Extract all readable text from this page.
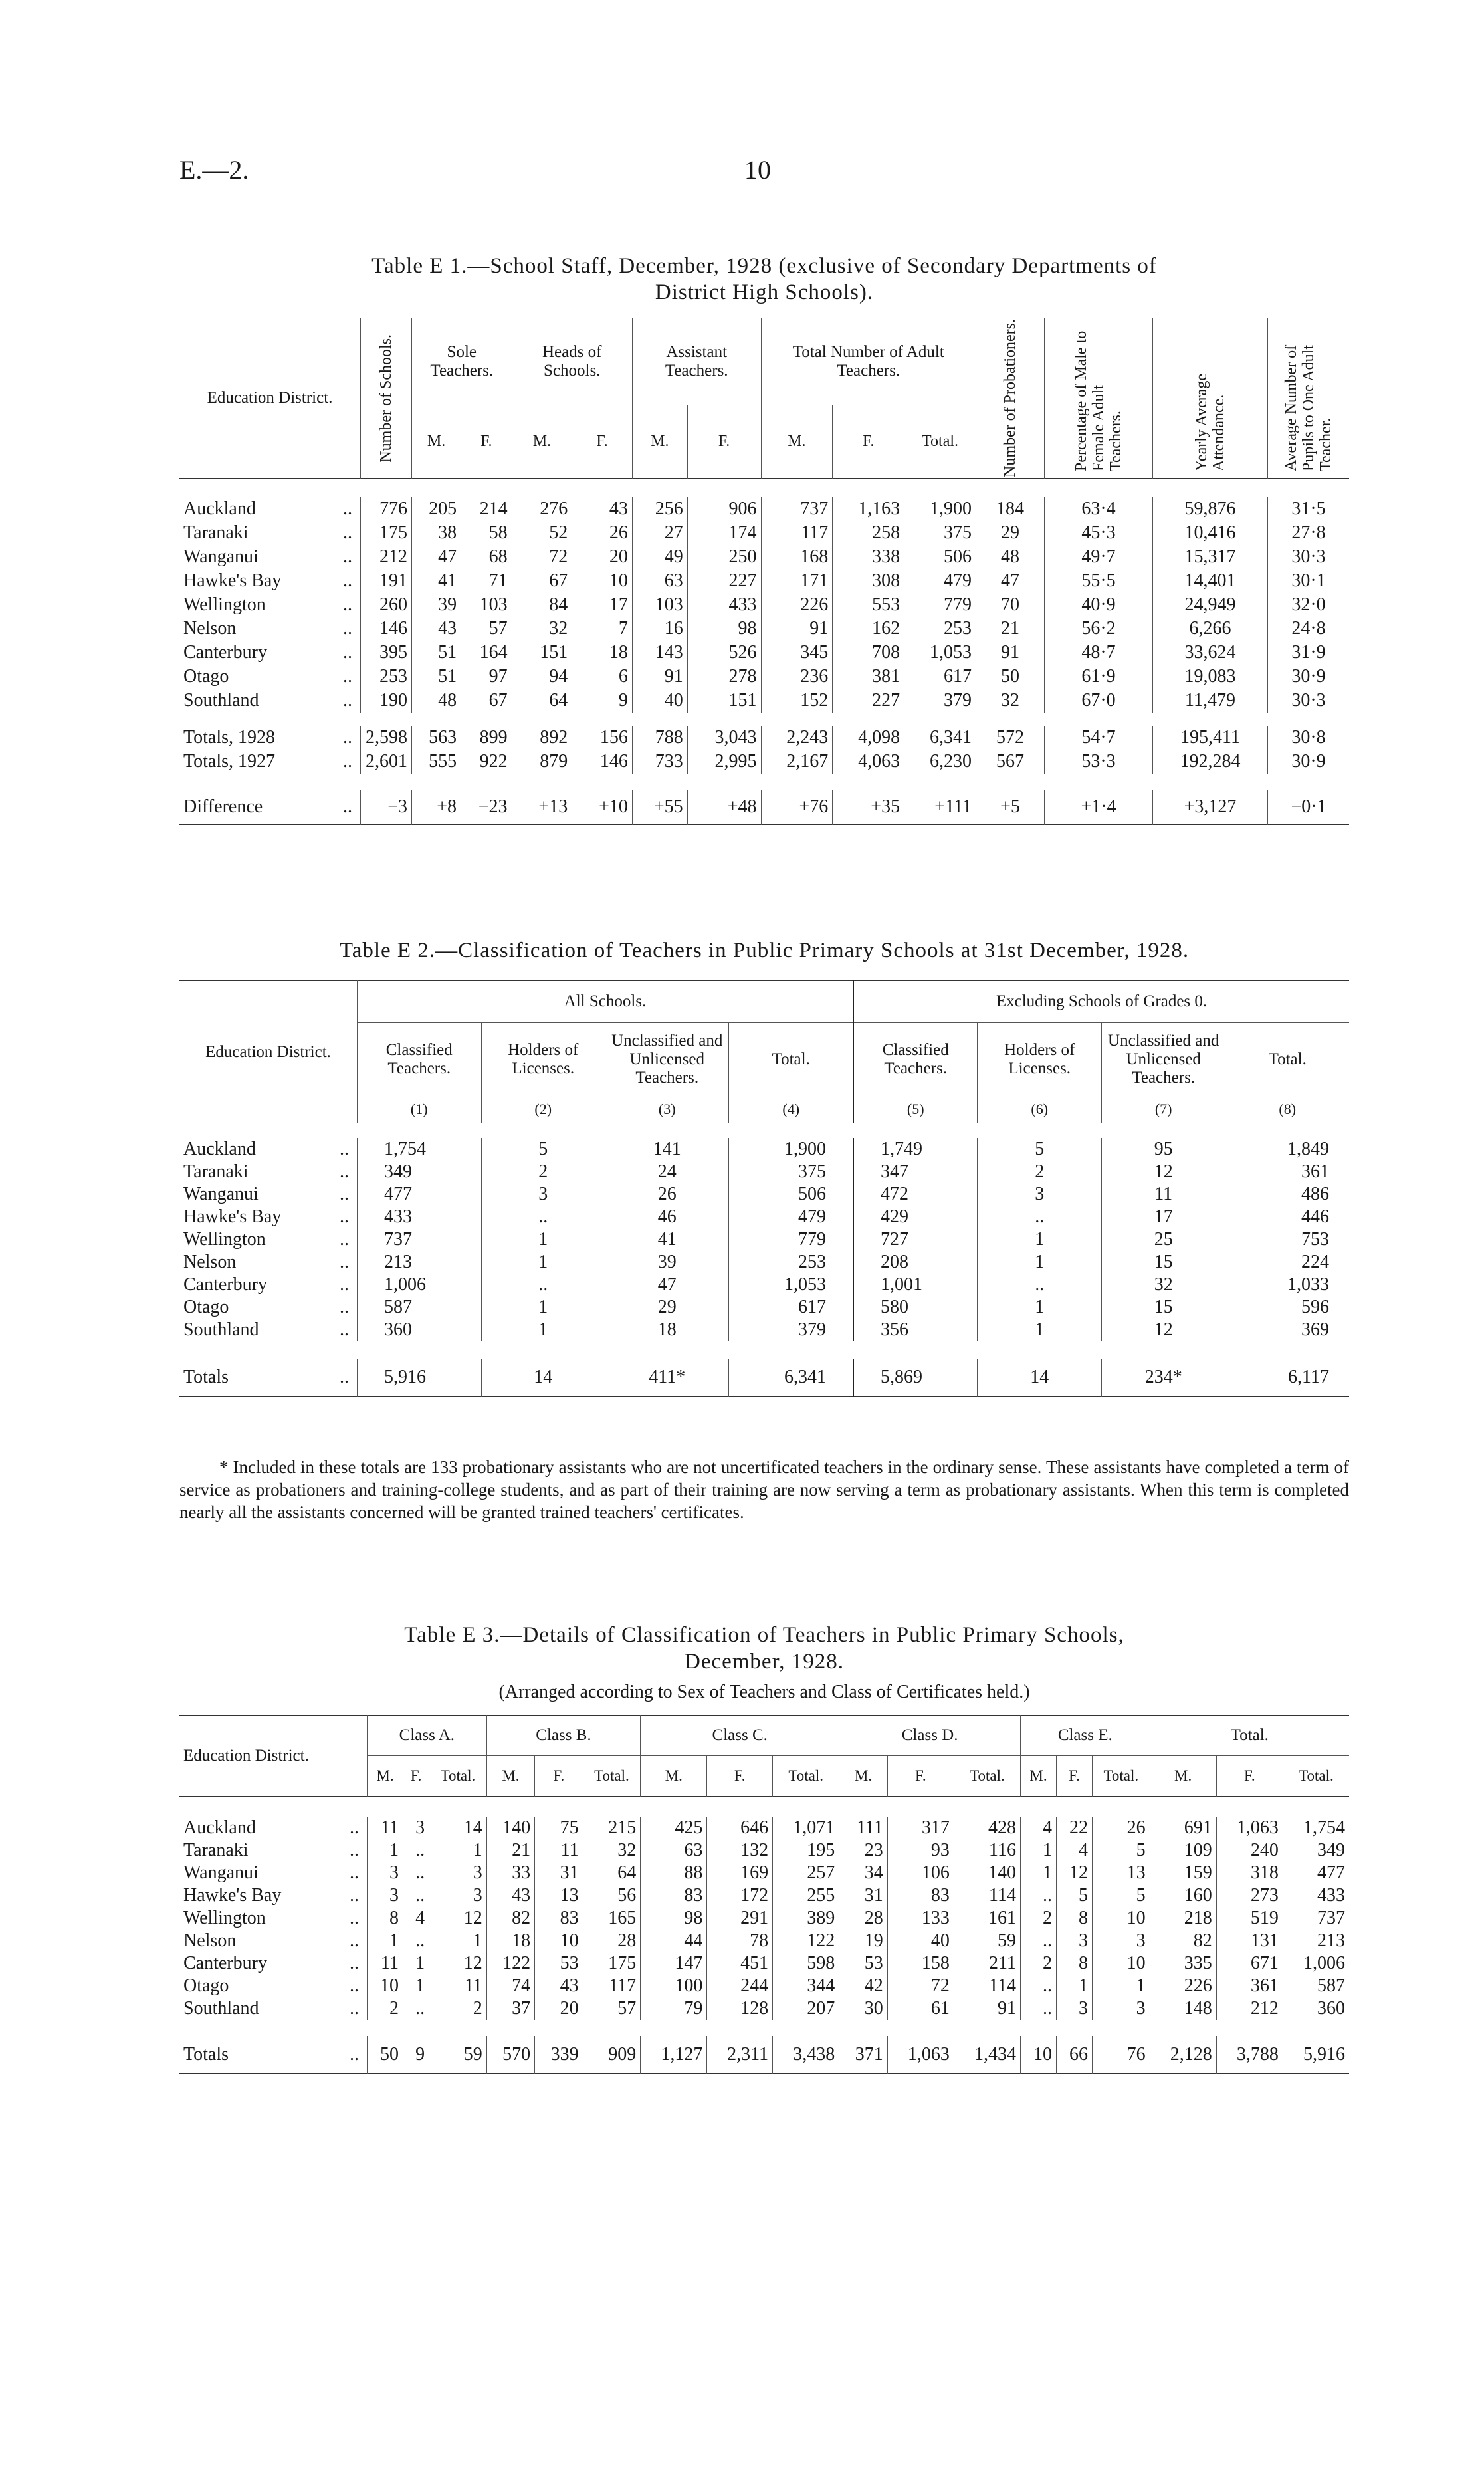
E.—2.	10
Table E 1.—School Staff, December, 1928 (exclusive of Secondary Departments of
District High Schools).
Education District.	Number of Schools.	Sole Teachers.		Heads of Schools.		Assistant Teachers.		Total Number of Adult Teachers.			Number of Probationers.	Percentage of Male to Female Adult Teachers.	Yearly Average Attendance.	Average Number of Pupils to One Adult Teacher.

		M.	F.	M.	F.	M.	F.	M.	F.	Total.				

Auckland ..	776	205	214	276	43	256	906	737	1,163	1,900	184	63·4	59,876	31·5
Taranaki ..	175	38	58	52	26	27	174	117	258	375	29	45·3	10,416	27·8
Wanganui ..	212	47	68	72	20	49	250	168	338	506	48	49·7	15,317	30·3
Hawke's Bay ..	191	41	71	67	10	63	227	171	308	479	47	55·5	14,401	30·1
Wellington ..	260	39	103	84	17	103	433	226	553	779	70	40·9	24,949	32·0
Nelson ..	146	43	57	32	7	16	98	91	162	253	21	56·2	6,266	24·8
Canterbury ..	395	51	164	151	18	143	526	345	708	1,053	91	48·7	33,624	31·9
Otago ..	253	51	97	94	6	91	278	236	381	617	50	61·9	19,083	30·9
Southland ..	190	48	67	64	9	40	151	152	227	379	32	67·0	11,479	30·3

Totals, 1928 ..	2,598	563	899	892	156	788	3,043	2,243	4,098	6,341	572	54·7	195,411	30·8
Totals, 1927 ..	2,601	555	922	879	146	733	2,995	2,167	4,063	6,230	567	53·3	192,284	30·9

Difference ..	−3	+8	−23	+13	+10	+55	+48	+76	+35	+111	+5	+1·4	+3,127	−0·1
Table E 2.—Classification of Teachers in Public Primary Schools at 31st December, 1928.
Education District.	All Schools.				Excluding Schools of Grades 0.			
	Classified Teachers.	Holders of Licenses.	Unclassified and Unlicensed Teachers.	Total.	Classified Teachers.	Holders of Licenses.	Unclassified and Unlicensed Teachers.	Total.
	(1)	(2)	(3)	(4)	(5)	(6)	(7)	(8)

Auckland ..	1,754	5	141	1,900	1,749	5	95	1,849
Taranaki ..	349	2	24	375	347	2	12	361
Wanganui ..	477	3	26	506	472	3	11	486
Hawke's Bay ..	433	..	46	479	429	..	17	446
Wellington ..	737	1	41	779	727	1	25	753
Nelson ..	213	1	39	253	208	1	15	224
Canterbury ..	1,006	..	47	1,053	1,001	..	32	1,033
Otago ..	587	1	29	617	580	1	15	596
Southland ..	360	1	18	379	356	1	12	369

Totals ..	5,916	14	411*	6,341	5,869	14	234*	6,117
* Included in these totals are 133 probationary assistants who are not uncertificated teachers in the ordinary sense. These assistants have completed a term of service as probationers and training-college students, and as part of their training are now serving a term as probationary assistants. When this term is completed nearly all the assistants concerned will be granted trained teachers' certificates.
Table E 3.—Details of Classification of Teachers in Public Primary Schools,
December, 1928.
(Arranged according to Sex of Teachers and Class of Certificates held.)
Education District.	Class A.			Class B.			Class C.			Class D.			Class E.			Total.		
	M.	F.	Total.	M.	F.	Total.	M.	F.	Total.	M.	F.	Total.	M.	F.	Total.	M.	F.	Total.

Auckland ..	11	3	14	140	75	215	425	646	1,071	111	317	428	4	22	26	691	1,063	1,754
Taranaki ..	1	..	1	21	11	32	63	132	195	23	93	116	1	4	5	109	240	349
Wanganui ..	3	..	3	33	31	64	88	169	257	34	106	140	1	12	13	159	318	477
Hawke's Bay ..	3	..	3	43	13	56	83	172	255	31	83	114	..	5	5	160	273	433
Wellington ..	8	4	12	82	83	165	98	291	389	28	133	161	2	8	10	218	519	737
Nelson ..	1	..	1	18	10	28	44	78	122	19	40	59	..	3	3	82	131	213
Canterbury ..	11	1	12	122	53	175	147	451	598	53	158	211	2	8	10	335	671	1,006
Otago ..	10	1	11	74	43	117	100	244	344	42	72	114	..	1	1	226	361	587
Southland ..	2	..	2	37	20	57	79	128	207	30	61	91	..	3	3	148	212	360

Totals ..	50	9	59	570	339	909	1,127	2,311	3,438	371	1,063	1,434	10	66	76	2,128	3,788	5,916
